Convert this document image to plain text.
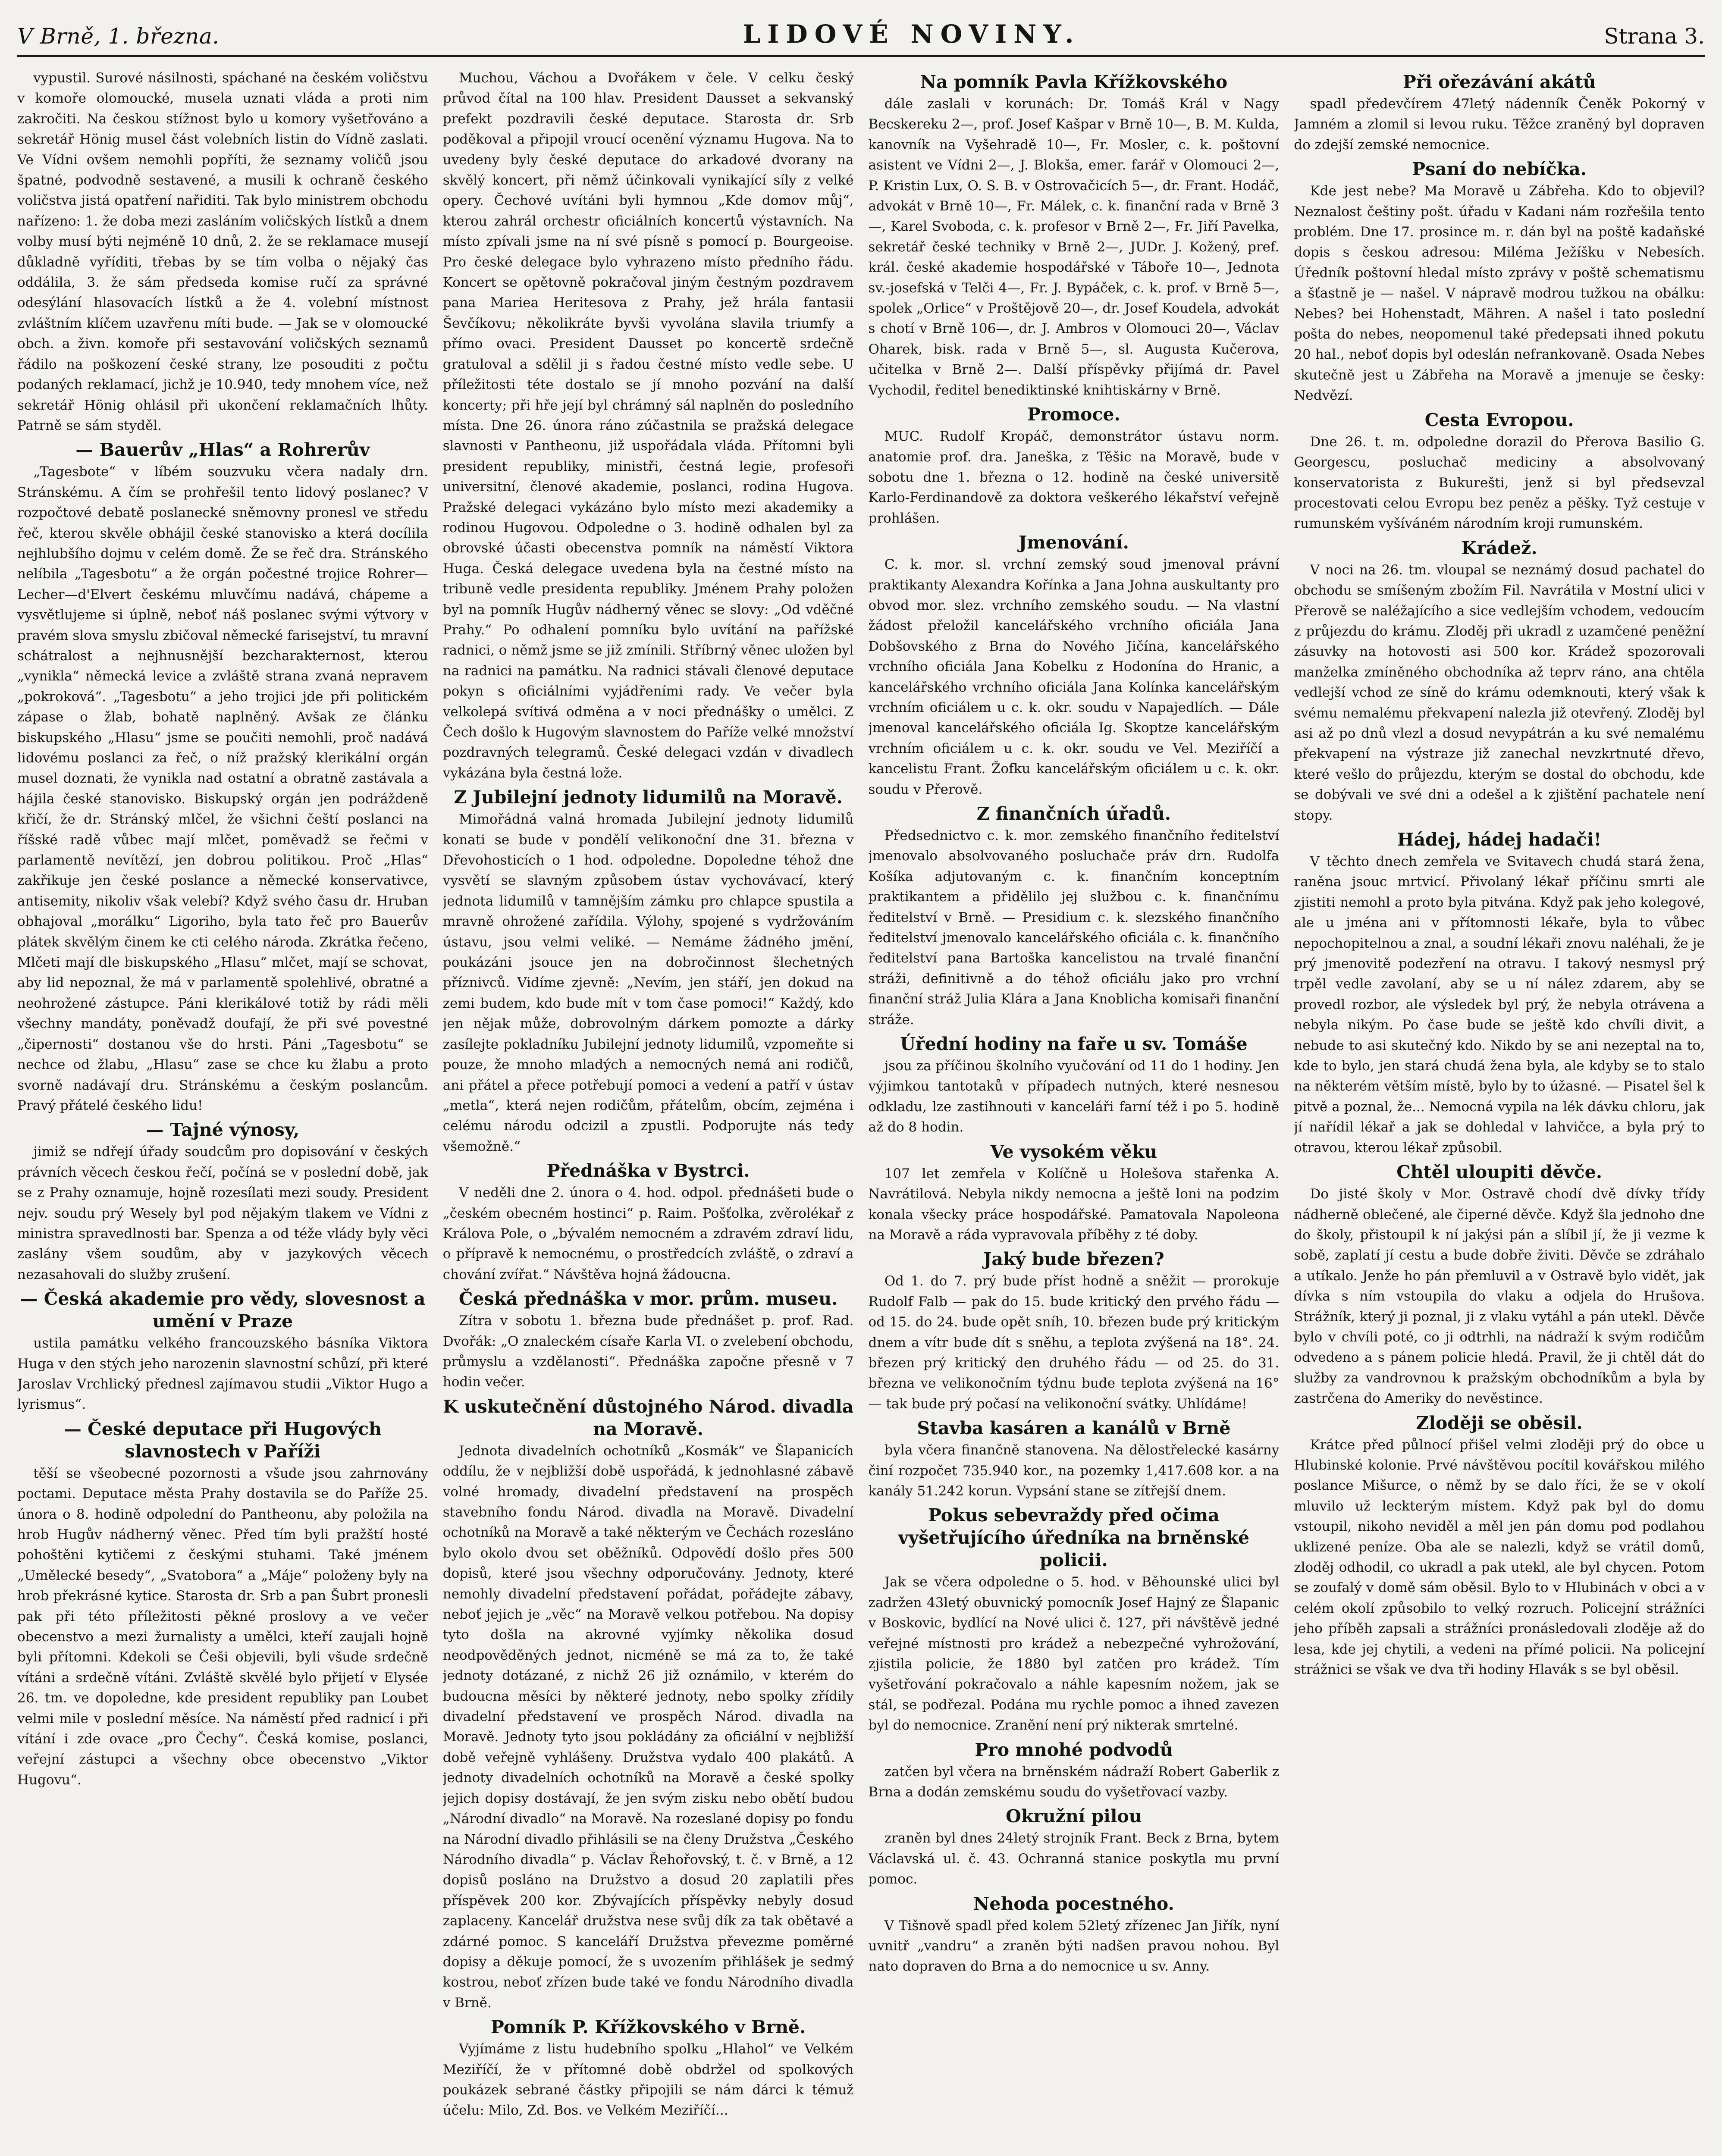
V Brně, 1. března.	LIDOVÉ NOVINY.	Strana 3.

vypustil. Surové násilnosti, spáchané na českém voličstvu v komoře olomoucké, musela uznati vláda a proti nim zakročiti. Na českou stížnost bylo u komory vyšetřováno a sekretář Hönig musel část volebních listin do Vídně zaslati. Ve Vídni ovšem nemohli popříti, že seznamy voličů jsou špatné, podvodně sestavené, a musili k ochraně českého voličstva jistá opatření nařiditi. Tak bylo ministrem obchodu nařízeno: 1. že doba mezi zasláním voličských lístků a dnem volby musí býti nejméně 10 dnů, 2. že se reklamace musejí důkladně vyříditi, třebas by se tím volba o nějaký čas oddálila, 3. že sám předseda komise ručí za správné odesýlání hlasovacích lístků a že 4. volební místnost zvláštním klíčem uzavřenu míti bude. — Jak se v olomoucké obch. a živn. komoře při sestavování voličských seznamů řádilo na poškození české strany, lze posouditi z počtu podaných reklamací, jichž je 10.940, tedy mnohem více, než sekretář Hönig ohlásil při ukončení reklamačních lhůty. Patrně se sám styděl.

— Bauerův „Hlas“ a Rohrerův

„Tagesbote“ v líbém souzvuku včera nadaly drn. Stránskému. A čím se prohřešil tento lidový poslanec? V rozpočtové debatě poslanecké sněmovny pronesl ve středu řeč, kterou skvěle obhájil české stanovisko a která docílila nejhlubšího dojmu v celém domě. Že se řeč dra. Stránského nelíbila „Tagesbotu“ a že orgán počestné trojice Rohrer—Lecher—d'Elvert českému mluvčímu nadává, chápeme a vysvětlujeme si úplně, neboť náš poslanec svými výtvory v pravém slova smyslu zbičoval německé farisejství, tu mravní schátralost a nejhnusnější bezcharakternost, kterou „vynikla“ německá levice a zvláště strana zvaná nepravem „pokroková“. „Tagesbotu“ a jeho trojici jde při politickém zápase o žlab, bohatě naplněný. Avšak ze článku biskupského „Hlasu“ jsme se poučiti nemohli, proč nadává lidovému poslanci za řeč, o níž pražský klerikální orgán musel doznati, že vynikla nad ostatní a obratně zastávala a hájila české stanovisko. Biskupský orgán jen podráždeně křičí, že dr. Stránský mlčel, že všichni čeští poslanci na říšské radě vůbec mají mlčet, poměvadž se řečmi v parlamentě nevítězí, jen dobrou politikou. Proč „Hlas“ zakřikuje jen české poslance a německé konservativce, antisemity, nikoliv však velebí? Když svého času dr. Hruban obhajoval „morálku“ Ligoriho, byla tato řeč pro Bauerův plátek skvělým činem ke cti celého národa. Zkrátka řečeno, Mlčeti mají dle biskupského „Hlasu“ mlčet, mají se schovat, aby lid nepoznal, že má v parlamentě spolehlivé, obratné a neohrožené zástupce. Páni klerikálové totiž by rádi měli všechny mandáty, poněvadž doufají, že při své povestné „čipernosti“ dostanou vše do hrsti. Páni „Tagesbotu“ se nechce od žlabu, „Hlasu“ zase se chce ku žlabu a proto svorně nadávají dru. Stránskému a českým poslancům. Pravý přátelé českého lidu!

— Tajné výnosy,

jimiž se ndřejí úřady soudcům pro dopisování v českých právních věcech českou řečí, počíná se v poslední době, jak se z Prahy oznamuje, hojně rozesílati mezi soudy. President nejv. soudu prý Wesely byl pod nějakým tlakem ve Vídni z ministra spravedlnosti bar. Spenza a od téže vlády byly věci zaslány všem soudům, aby v jazykových věcech nezasahovali do služby zrušení.

— Česká akademie pro vědy, slovesnost a umění v Praze

ustila památku velkého francouzského básníka Viktora Huga v den stých jeho narozenin slavnostní schůzí, při které Jaroslav Vrchlický přednesl zajímavou studii „Viktor Hugo a lyrismus“.

— České deputace při Hugových slavnostech v Paříži

těší se všeobecné pozornosti a všude jsou zahrnovány poctami. Deputace města Prahy dostavila se do Paříže 25. února o 8. hodině odpolední do Pantheonu, aby položila na hrob Hugův nádherný věnec. Před tím byli pražští hosté pohoštěni kytičemi z českými stuhami. Také jménem „Umělecké besedy“, „Svatobora“ a „Máje“ položeny byly na hrob překrásné kytice. Starosta dr. Srb a pan Šubrt pronesli pak při této příležitosti pěkné proslovy a ve večer obecenstvo a mezi žurnalisty a umělci, kteří zaujali hojně byli přítomni. Kdekoli se Češi objevili, byli všude srdečně vítáni a srdečně vítáni. Zvláště skvělé bylo přijetí v Elysée 26. tm. ve dopoledne, kde president republiky pan Loubet velmi mile v poslední měsíce. Na náměstí před radnicí i při vítání i zde ovace „pro Čechy“. Česká komise, poslanci, veřejní zástupci a všechny obce obecenstvo „Viktor Hugovu“.

Muchou, Váchou a Dvořákem v čele. V celku český průvod čítal na 100 hlav. President Dausset a sekvanský prefekt pozdravili české deputace. Starosta dr. Srb poděkoval a připojil vroucí ocenění významu Hugova. Na to uvedeny byly české deputace do arkadové dvorany na skvělý koncert, při němž účinkovali vynikající síly z velké opery. Čechové uvítáni byli hymnou „Kde domov můj“, kterou zahrál orchestr oficiálních koncertů výstavních. Na místo zpívali jsme na ní své písně s pomocí p. Bourgeoise. Pro české delegace bylo vyhrazeno místo předního řádu. Koncert se opětovně pokračoval jiným čestným pozdravem pana Mariea Heritesova z Prahy, jež hrála fantasii Ševčíkovu; několikráte byvši vyvolána slavila triumfy a přímo ovaci. President Dausset po koncertě srdečně gratuloval a sdělil ji s řadou čestné místo vedle sebe. U příležitosti téte dostalo se jí mnoho pozvání na další koncerty; při hře její byl chrámný sál naplněn do posledního místa. Dne 26. února ráno zúčastnila se pražská delegace slavnosti v Pantheonu, již uspořádala vláda. Přítomni byli president republiky, ministři, čestná legie, profesoři universitní, členové akademie, poslanci, rodina Hugova. Pražské delegaci vykázáno bylo místo mezi akademiky a rodinou Hugovou. Odpoledne o 3. hodině odhalen byl za obrovské účasti obecenstva pomník na náměstí Viktora Huga. Česká delegace uvedena byla na čestné místo na tribuně vedle presidenta republiky. Jménem Prahy položen byl na pomník Hugův nádherný věnec se slovy: „Od vděčné Prahy.“ Po odhalení pomníku bylo uvítání na pařížské radnici, o němž jsme se již zmínili. Stříbrný věnec uložen byl na radnici na památku. Na radnici stávali členové deputace pokyn s oficiálními vyjádřeními rady. Ve večer byla velkolepá svítivá odměna a v noci přednášky o umělci. Z Čech došlo k Hugovým slavnostem do Paříže velké množství pozdravných telegramů. České delegaci vzdán v divadlech vykázána byla čestná lože.

Z Jubilejní jednoty lidumilů na Moravě.

Mimořádná valná hromada Jubilejní jednoty lidumilů konati se bude v pondělí velikonoční dne 31. března v Dřevohosticích o 1 hod. odpoledne. Dopoledne téhož dne vysvětí se slavným způsobem ústav vychovávací, který jednota lidumilů v tamnějším zámku pro chlapce spustila a mravně ohrožené zařídila. Výlohy, spojené s vydržováním ústavu, jsou velmi veliké. — Nemáme žádného jmění, poukázáni jsouce jen na dobročinnost šlechetných příznivců. Vidíme zjevně: „Nevím, jen stáří, jen dokud na zemi budem, kdo bude mít v tom čase pomoci!“ Každý, kdo jen nějak může, dobrovolným dárkem pomozte a dárky zasílejte pokladníku Jubilejní jednoty lidumilů, vzpomeňte si pouze, že mnoho mladých a nemocných nemá ani rodičů, ani přátel a přece potřebují pomoci a vedení a patří v ústav „metla“, která nejen rodičům, přátelům, obcím, zejména i celému národu odcizil a zpustli. Podporujte nás tedy všemožně.“

Přednáška v Bystrci.

V neděli dne 2. února o 4. hod. odpol. přednášeti bude o „českém obecném hostinci“ p. Raim. Pošťolka, zvěrolékař z Králova Pole, o „bývalém nemocném a zdravém zdraví lidu, o přípravě k nemocnému, o prostředcích zvláště, o zdraví a chování zvířat.“ Návštěva hojná žádoucna.

Česká přednáška v mor. prům. museu.

Zítra v sobotu 1. března bude přednášet p. prof. Rad. Dvořák: „O znaleckém císaře Karla VI. o zvelebení obchodu, průmyslu a vzdělanosti“. Přednáška započne přesně v 7 hodin večer.

K uskutečnění důstojného Národ. divadla na Moravě.

Jednota divadelních ochotníků „Kosmák“ ve Šlapanicích oddílu, že v nejbližší době uspořádá, k jednohlasné zábavě volné hromady, divadelní představení na prospěch stavebního fondu Národ. divadla na Moravě. Divadelní ochotníků na Moravě a také některým ve Čechách rozesláno bylo okolo dvou set oběžníků. Odpovědí došlo přes 500 dopisů, které jsou všechny odporučovány. Jednoty, které nemohly divadelní představení pořádat, pořádejte zábavy, neboť jejich je „věc“ na Moravě velkou potřebou. Na dopisy tyto došla na akrovné vyjímky několika dosud neodpověděných jednot, nicméně se má za to, že také jednoty dotázané, z nichž 26 již oznámilo, v kterém do budoucna měsíci by některé jednoty, nebo spolky zřídily divadelní představení ve prospěch Národ. divadla na Moravě. Jednoty tyto jsou pokládány za oficiální v nejbližší době veřejně vyhlášeny. Družstva vydalo 400 plakátů. A jednoty divadelních ochotníků na Moravě a české spolky jejich dopisy dostávají, že jen svým zisku nebo obětí budou „Národní divadlo“ na Moravě. Na rozeslané dopisy po fondu na Národní divadlo přihlásili se na členy Družstva „Českého Národního divadla“ p. Václav Řehořovský, t. č. v Brně, a 12 dopisů posláno na Družstvo a dosud 20 zaplatili přes příspěvek 200 kor. Zbývajících příspěvky nebyly dosud zaplaceny. Kancelář družstva nese svůj dík za tak obětavé a zdárné pomoc. S kanceláří Družstva převezme poměrné dopisy a děkuje pomocí, že s uvozením přihlášek je sedmý kostrou, neboť zřízen bude také ve fondu Národního divadla v Brně.

Pomník P. Křížkovského v Brně.

Vyjímáme z listu hudebního spolku „Hlahol“ ve Velkém Meziříčí, že v přítomné době obdržel od spolkových poukázek sebrané částky připojili se nám dárci k témuž účelu: Milo, Zd. Bos. ve Velkém Meziříčí...

Na pomník Pavla Křížkovského

dále zaslali v korunách: Dr. Tomáš Král v Nagy Becskereku 2—, prof. Josef Kašpar v Brně 10—, B. M. Kulda, kanovník na Vyšehradě 10—, Fr. Mosler, c. k. poštovní asistent ve Vídni 2—, J. Blokša, emer. farář v Olomouci 2—, P. Kristin Lux, O. S. B. v Ostrovačicích 5—, dr. Frant. Hodáč, advokát v Brně 10—, Fr. Málek, c. k. finanční rada v Brně 3—, Karel Svoboda, c. k. profesor v Brně 2—, Fr. Jiří Pavelka, sekretář české techniky v Brně 2—, JUDr. J. Kožený, pref. král. české akademie hospodářské v Táboře 10—, Jednota sv.-josefská v Telči 4—, Fr. J. Bypáček, c. k. prof. v Brně 5—, spolek „Orlice“ v Proštějově 20—, dr. Josef Koudela, advokát s chotí v Brně 106—, dr. J. Ambros v Olomouci 20—, Václav Oharek, bisk. rada v Brně 5—, sl. Augusta Kučerova, učitelka v Brně 2—. Další příspěvky přijímá dr. Pavel Vychodil, ředitel benediktinské knihtiskárny v Brně.

Promoce.

MUC. Rudolf Kropáč, demonstrátor ústavu norm. anatomie prof. dra. Janeška, z Těšic na Moravě, bude v sobotu dne 1. března o 12. hodině na české universitě Karlo-Ferdinandově za doktora veškerého lékařství veřejně prohlášen.

Jmenování.

C. k. mor. sl. vrchní zemský soud jmenoval právní praktikanty Alexandra Kořínka a Jana Johna auskultanty pro obvod mor. slez. vrchního zemského soudu. — Na vlastní žádost přeložil kancelářského vrchního oficiála Jana Dobšovského z Brna do Nového Jičína, kancelářského vrchního oficiála Jana Kobelku z Hodonína do Hranic, a kancelářského vrchního oficiála Jana Kolínka kancelářským vrchním oficiálem u c. k. okr. soudu v Napajedlích. — Dále jmenoval kancelářského oficiála Ig. Skoptze kancelářským vrchním oficiálem u c. k. okr. soudu ve Vel. Meziříčí a kancelistu Frant. Žofku kancelářským oficiálem u c. k. okr. soudu v Přerově.

Z finančních úřadů.

Předsednictvo c. k. mor. zemského finančního ředitelství jmenovalo absolvovaného posluchače práv drn. Rudolfa Košíka adjutovaným c. k. finančním konceptním praktikantem a přidělilo jej službou c. k. finančnímu ředitelství v Brně. — Presidium c. k. slezského finančního ředitelství jmenovalo kancelářského oficiála c. k. finančního ředitelství pana Bartoška kancelistou na trvalé finanční stráži, definitivně a do téhož oficiálu jako pro vrchní finanční stráž Julia Klára a Jana Knoblicha komisaři finanční stráže.

Úřední hodiny na faře u sv. Tomáše

jsou za příčinou školního vyučování od 11 do 1 hodiny. Jen výjimkou tantotaků v případech nutných, které nesnesou odkladu, lze zastihnouti v kanceláři farní též i po 5. hodině až do 8 hodin.

Ve vysokém věku

107 let zemřela v Kolíčně u Holešova stařenka A. Navrátilová. Nebyla nikdy nemocna a ještě loni na podzim konala všecky práce hospodářské. Pamatovala Napoleona na Moravě a ráda vypravovala příběhy z té doby.

Jaký bude březen?

Od 1. do 7. prý bude příst hodně a sněžit — prorokuje Rudolf Falb — pak do 15. bude kritický den prvého řádu — od 15. do 24. bude opět sníh, 10. březen bude prý kritickým dnem a vítr bude dít s sněhu, a teplota zvýšená na 18°. 24. březen prý kritický den druhého řádu — od 25. do 31. března ve velikonočním týdnu bude teplota zvýšená na 16° — tak bude prý počasí na velikonoční svátky. Uhlídáme!

Stavba kasáren a kanálů v Brně

byla včera finančně stanovena. Na dělostřelecké kasárny činí rozpočet 735.940 kor., na pozemky 1,417.608 kor. a na kanály 51.242 korun. Vypsání stane se zítřejší dnem.

Pokus sebevraždy před očima vyšetřujícího úředníka na brněnské policii.

Jak se včera odpoledne o 5. hod. v Běhounské ulici byl zadržen 43letý obuvnický pomocník Josef Hajný ze Šlapanic v Boskovic, bydlící na Nové ulici č. 127, při návštěvě jedné veřejné místnosti pro krádež a nebezpečné vyhrožování, zjistila policie, že 1880 byl zatčen pro krádež. Tím vyšetřování pokračovalo a náhle kapesním nožem, jak se stál, se podřezal. Podána mu rychle pomoc a ihned zavezen byl do nemocnice. Zranění není prý nikterak smrtelné.

Pro mnohé podvodů

zatčen byl včera na brněnském nádraží Robert Gaberlik z Brna a dodán zemskému soudu do vyšetřovací vazby.

Okružní pilou

zraněn byl dnes 24letý strojník Frant. Beck z Brna, bytem Václavská ul. č. 43. Ochranná stanice poskytla mu první pomoc.

Nehoda pocestného.

V Tišnově spadl před kolem 52letý zřízenec Jan Jiřík, nyní uvnitř „vandru“ a zraněn býti nadšen pravou nohou. Byl nato dopraven do Brna a do nemocnice u sv. Anny.

Při ořezávání akátů

spadl předevčírem 47letý nádenník Čeněk Pokorný v Jamném a zlomil si levou ruku. Těžce zraněný byl dopraven do zdejší zemské nemocnice.

Psaní do nebíčka.

Kde jest nebe? Ma Moravě u Zábřeha. Kdo to objevil? Neznalost češtiny pošt. úřadu v Kadani nám rozřešila tento problém. Dne 17. prosince m. r. dán byl na poště kadaňské dopis s českou adresou: Miléma Ježíšku v Nebesích. Úředník poštovní hledal místo zprávy v poště schematismu a šťastně je — našel. V nápravě modrou tužkou na obálku: Nebes? bei Hohenstadt, Mähren. A našel i tato poslední pošta do nebes, neopomenul také předepsati ihned pokutu 20 hal., neboť dopis byl odeslán nefrankovaně. Osada Nebes skutečně jest u Zábřeha na Moravě a jmenuje se česky: Nedvězí.

Cesta Evropou.

Dne 26. t. m. odpoledne dorazil do Přerova Basilio G. Georgescu, posluchač mediciny a absolvovaný konservatorista z Bukurešti, jenž si byl předsevzal procestovati celou Evropu bez peněz a pěšky. Tyž cestuje v rumunském vyšíváném národním kroji rumunském.

Krádež.

V noci na 26. tm. vloupal se neznámý dosud pachatel do obchodu se smíšeným zbožím Fil. Navrátila v Mostní ulici v Přerově se naléžajícího a sice vedlejším vchodem, vedoucím z průjezdu do krámu. Zloděj při ukradl z uzamčené peněžní zásuvky na hotovosti asi 500 kor. Krádež spozorovali manželka zmíněného obchodníka až teprv ráno, ana chtěla vedlejší vchod ze síně do krámu odemknouti, který však k svému nemalému překvapení nalezla již otevřený. Zloděj byl asi až po dnů vlezl a dosud nevypátrán a ku své nemalému překvapení na výstraze již zanechal nevzkrtnuté dřevo, které vešlo do průjezdu, kterým se dostal do obchodu, kde se dobývali ve své dni a odešel a k zjištění pachatele není stopy.

Hádej, hádej hadači!

V těchto dnech zemřela ve Svitavech chudá stará žena, raněna jsouc mrtvicí. Přivolaný lékař příčinu smrti ale zjistiti nemohl a proto byla pitvána. Když pak jeho kolegové, ale u jména ani v přítomnosti lékaře, byla to vůbec nepochopitelnou a znal, a soudní lékaři znovu naléhali, že je prý jmenovitě podezření na otravu. I takový nesmysl prý trpěl vedle zavolaní, aby se u ní nález zdarem, aby se provedl rozbor, ale výsledek byl prý, že nebyla otrávena a nebyla nikým. Po čase bude se ještě kdo chvíli divit, a nebude to asi skutečný kdo. Nikdo by se ani nezeptal na to, kde to bylo, jen stará chudá žena byla, ale kdyby se to stalo na některém větším místě, bylo by to úžasné. — Pisatel šel k pitvě a poznal, že... Nemocná vypila na lék dávku chloru, jak jí nařídil lékař a jak se dohledal v lahvičce, a byla prý to otravou, kterou lékař způsobil.

Chtěl uloupiti děvče.

Do jisté školy v Mor. Ostravě chodí dvě dívky třídy nádherně oblečené, ale čiperné děvče. Když šla jednoho dne do školy, přistoupil k ní jakýsi pán a slíbil jí, že ji vezme k sobě, zaplatí jí cestu a bude dobře živiti. Děvče se zdráhalo a utíkalo. Jenže ho pán přemluvil a v Ostravě bylo vidět, jak dívka s ním vstoupila do vlaku a odjela do Hrušova. Strážník, který ji poznal, ji z vlaku vytáhl a pán utekl. Děvče bylo v chvíli poté, co ji odtrhli, na nádraží k svým rodičům odvedeno a s pánem policie hledá. Pravil, že ji chtěl dát do služby za vandrovnou k pražským obchodníkům a byla by zastrčena do Ameriky do nevěstince.

Zloději se oběsil.

Krátce před půlnocí přišel velmi zloději prý do obce u Hlubinské kolonie. Prvé návštěvou pocítil kovářskou milého poslance Mišurce, o němž by se dalo říci, že se v okolí mluvilo už leckterým místem. Když pak byl do domu vstoupil, nikoho neviděl a měl jen pán domu pod podlahou uklizené peníze. Oba ale se nalezli, když se vrátil domů, zloděj odhodil, co ukradl a pak utekl, ale byl chycen. Potom se zoufalý v domě sám oběsil. Bylo to v Hlubinách v obci a v celém okolí způsobilo to velký rozruch. Policejní strážníci jeho příběh zapsali a strážníci pronásledovali zloděje až do lesa, kde jej chytili, a vedeni na přímé policii. Na policejní strážnici se však ve dva tři hodiny Hlavák s se byl oběsil.
